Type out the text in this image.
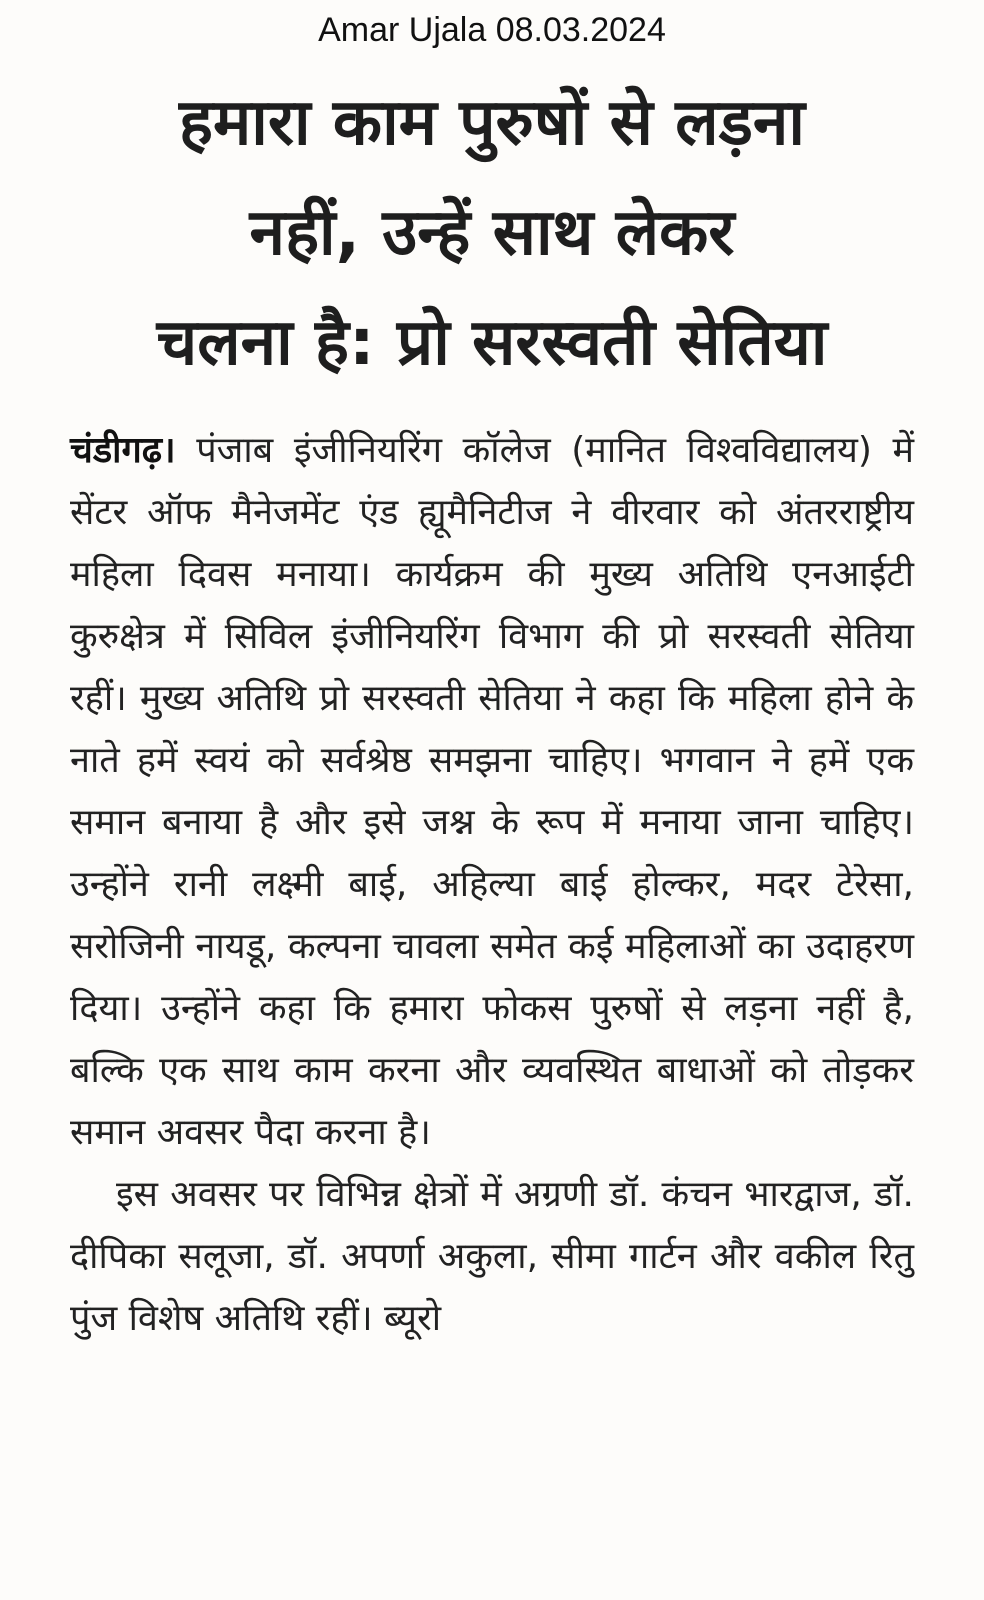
Amar Ujala 08.03.2024
हमारा काम पुरुषों से लड़ना
नहीं, उन्हें साथ लेकर
चलना है: प्रो सरस्वती सेतिया

चंडीगढ़। पंजाब इंजीनियरिंग कॉलेज (मानित विश्वविद्यालय) में सेंटर ऑफ मैनेजमेंट एंड ह्यूमैनिटीज ने वीरवार को अंतरराष्ट्रीय महिला दिवस मनाया। कार्यक्रम की मुख्य अतिथि एनआईटी कुरुक्षेत्र में सिविल इंजीनियरिंग विभाग की प्रो सरस्वती सेतिया रहीं। मुख्य अतिथि प्रो सरस्वती सेतिया ने कहा कि महिला होने के नाते हमें स्वयं को सर्वश्रेष्ठ समझना चाहिए। भगवान ने हमें एक समान बनाया है और इसे जश्न के रूप में मनाया जाना चाहिए। उन्होंने रानी लक्ष्मी बाई, अहिल्या बाई होल्कर, मदर टेरेसा, सरोजिनी नायडू, कल्पना चावला समेत कई महिलाओं का उदाहरण दिया। उन्होंने कहा कि हमारा फोकस पुरुषों से लड़ना नहीं है, बल्कि एक साथ काम करना और व्यवस्थित बाधाओं को तोड़कर समान अवसर पैदा करना है।

इस अवसर पर विभिन्न क्षेत्रों में अग्रणी डॉ. कंचन भारद्वाज, डॉ. दीपिका सलूजा, डॉ. अपर्णा अकुला, सीमा गार्टन और वकील रितु पुंज विशेष अतिथि रहीं। ब्यूरो
